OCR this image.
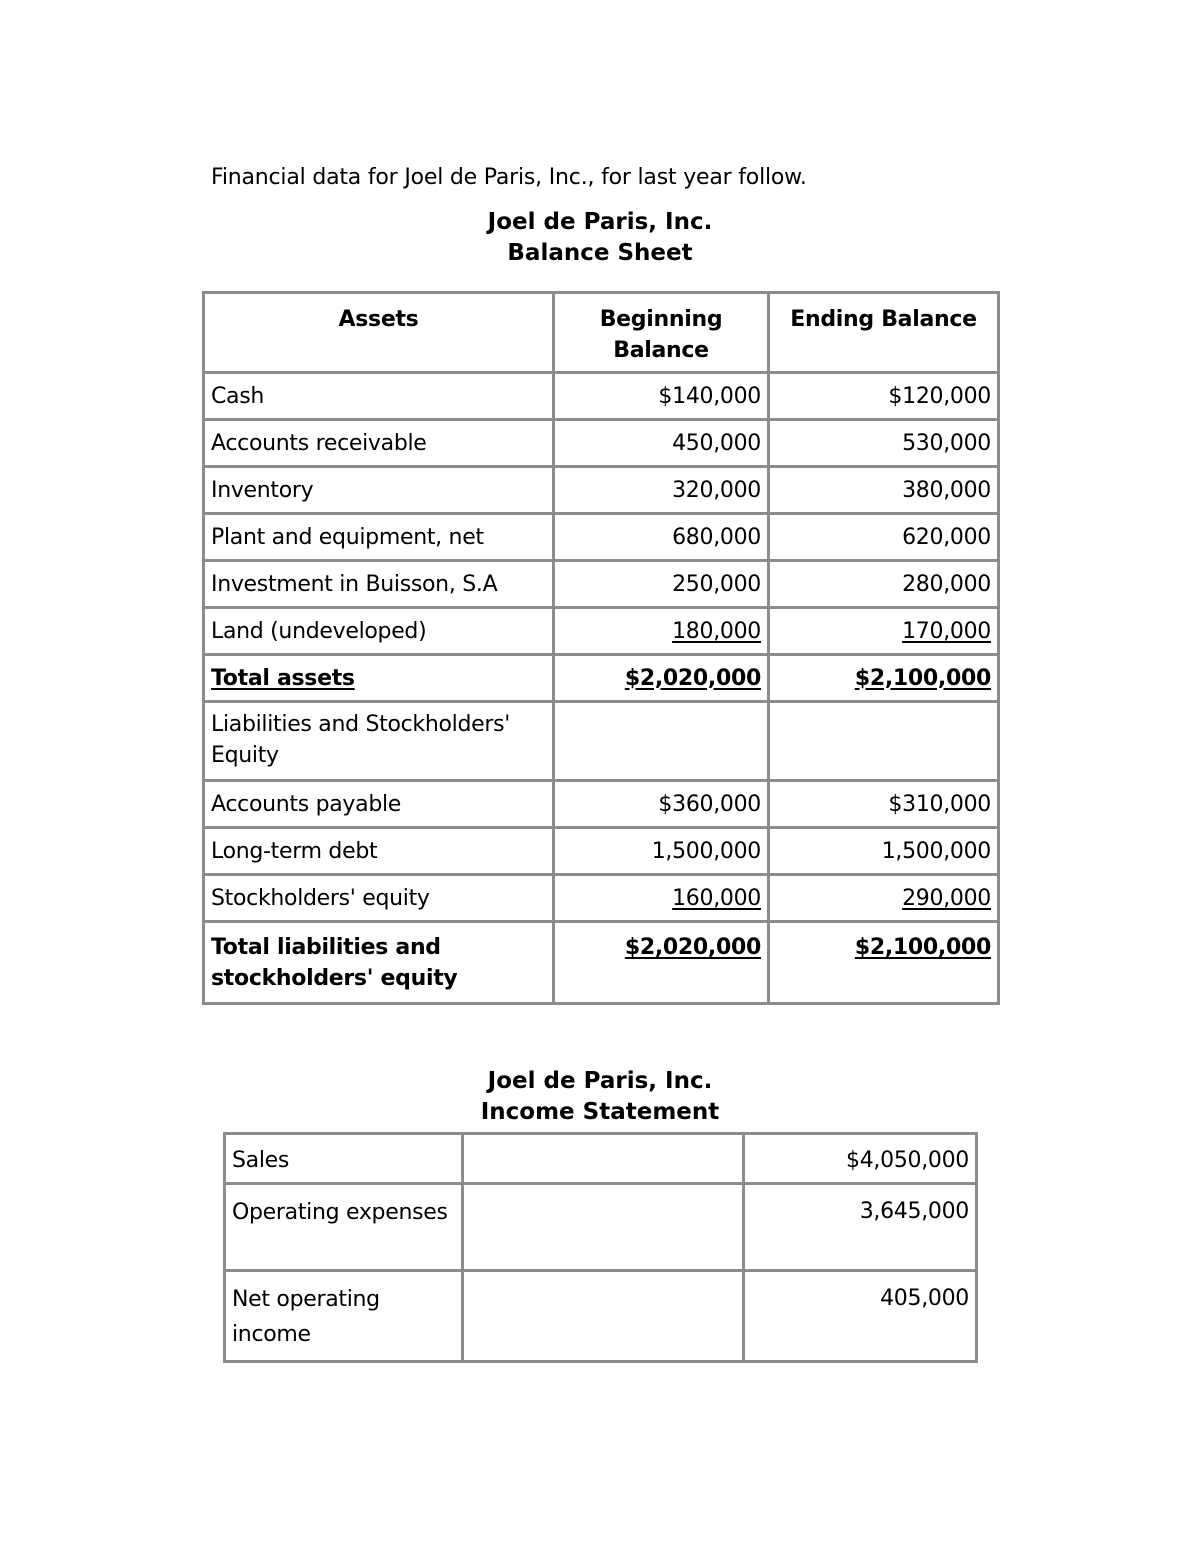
Financial data for Joel de Paris, Inc., for last year follow.
Joel de Paris, Inc.
Balance Sheet
Assets	Beginning Balance	Ending Balance
Cash	$140,000	$120,000
Accounts receivable	450,000	530,000
Inventory	320,000	380,000
Plant and equipment, net	680,000	620,000
Investment in Buisson, S.A	250,000	280,000
Land (undeveloped)	180,000	170,000
Total assets	$2,020,000	$2,100,000
Liabilities and Stockholders' Equity		
Accounts payable	$360,000	$310,000
Long-term debt	1,500,000	1,500,000
Stockholders' equity	160,000	290,000
Total liabilities and stockholders' equity	$2,020,000	$2,100,000
Joel de Paris, Inc.
Income Statement
Sales		$4,050,000
Operating expenses		3,645,000
Net operating income		405,000
